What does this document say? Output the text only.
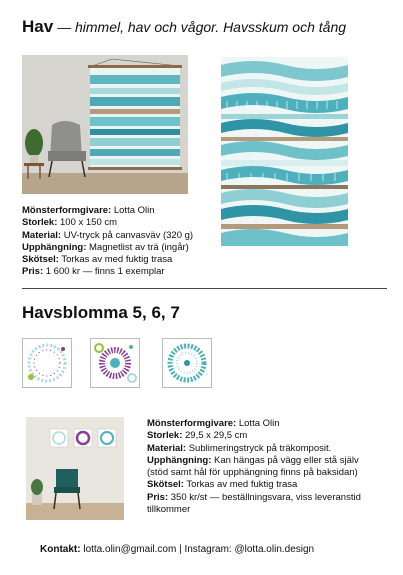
Hav — himmel, hav och vågor. Havsskum och tång
Mönsterformgivare: Lotta Olin
Storlek: 100 x 150 cm
Material: UV-tryck på canvasväv (320 g)
Upphängning: Magnetlist av trä (ingår)
Skötsel: Torkas av med fuktig trasa
Pris: 1 600 kr — finns 1 exemplar
Havsblomma 5, 6, 7
Mönsterformgivare: Lotta Olin
Storlek: 29,5 x 29,5 cm
Material: Sublimeringstryck på träkomposit.
Upphängning: Kan hängas på vägg eller stå själv (stöd samt hål för upphängning finns på baksidan)
Skötsel: Torkas av med fuktig trasa
Pris: 350 kr/st — beställningsvara, viss leveranstid tillkommer
Kontakt: lotta.olin@gmail.com | Instagram: @lotta.olin.design
